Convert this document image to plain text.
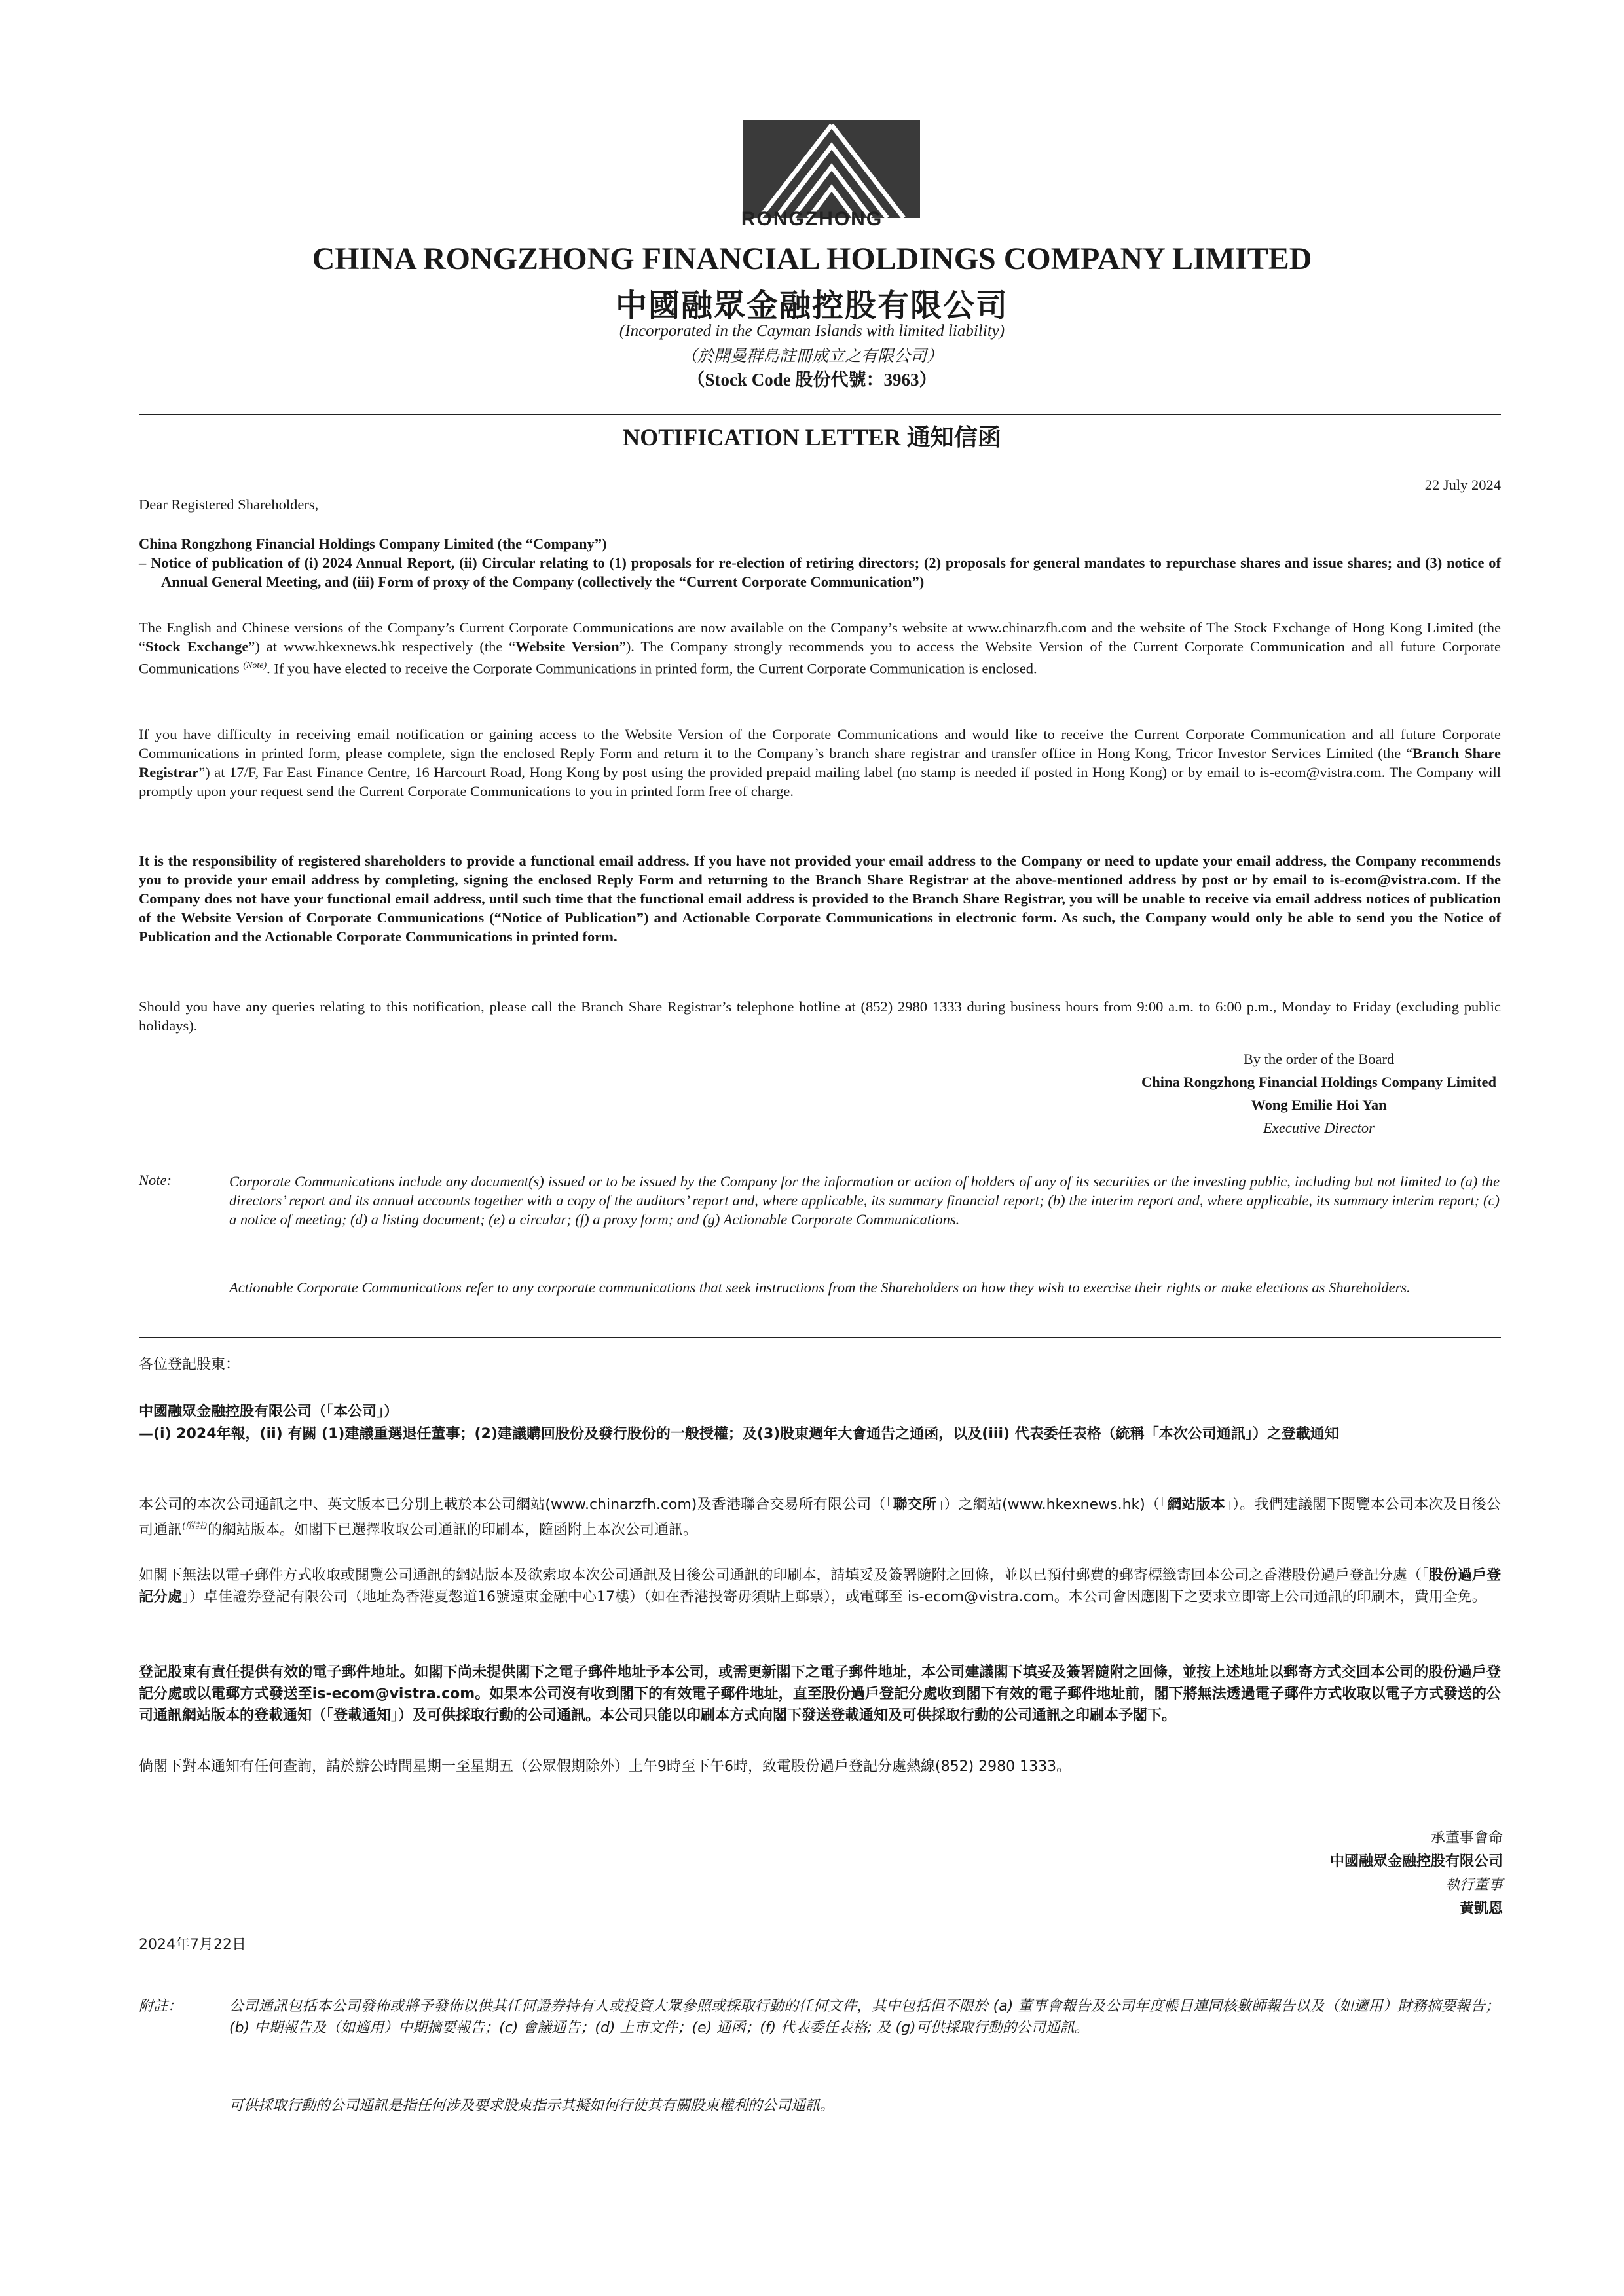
RONGZHONG
CHINA RONGZHONG FINANCIAL HOLDINGS COMPANY LIMITED
中國融眾金融控股有限公司
(Incorporated in the Cayman Islands with limited liability)
（於開曼群島註冊成立之有限公司）
（Stock Code 股份代號：3963）
NOTIFICATION LETTER 通知信函
22 July 2024
Dear Registered Shareholders,
China Rongzhong Financial Holdings Company Limited (the “Company”)
– Notice of publication of (i) 2024 Annual Report, (ii) Circular relating to (1) proposals for re-election of retiring directors; (2) proposals for general mandates to repurchase shares and issue shares; and (3) notice of Annual General Meeting, and (iii) Form of proxy of the Company (collectively the “Current Corporate Communication”)
The English and Chinese versions of the Company’s Current Corporate Communications are now available on the Company’s website at www.chinarzfh.com and the website of The Stock Exchange of Hong Kong Limited (the “Stock Exchange”) at www.hkexnews.hk respectively (the “Website Version”). The Company strongly recommends you to access the Website Version of the Current Corporate Communication and all future Corporate Communications $^{(Note)}$. If you have elected to receive the Corporate Communications in printed form, the Current Corporate Communication is enclosed.
If you have difficulty in receiving email notification or gaining access to the Website Version of the Corporate Communications and would like to receive the Current Corporate Communication and all future Corporate Communications in printed form, please complete, sign the enclosed Reply Form and return it to the Company’s branch share registrar and transfer office in Hong Kong, Tricor Investor Services Limited (the “Branch Share Registrar”) at 17/F, Far East Finance Centre, 16 Harcourt Road, Hong Kong by post using the provided prepaid mailing label (no stamp is needed if posted in Hong Kong) or by email to is-ecom@vistra.com. The Company will promptly upon your request send the Current Corporate Communications to you in printed form free of charge.
It is the responsibility of registered shareholders to provide a functional email address. If you have not provided your email address to the Company or need to update your email address, the Company recommends you to provide your email address by completing, signing the enclosed Reply Form and returning to the Branch Share Registrar at the above-mentioned address by post or by email to is-ecom@vistra.com. If the Company does not have your functional email address, until such time that the functional email address is provided to the Branch Share Registrar, you will be unable to receive via email address notices of publication of the Website Version of Corporate Communications (“Notice of Publication”) and Actionable Corporate Communications in electronic form. As such, the Company would only be able to send you the Notice of Publication and the Actionable Corporate Communications in printed form.
Should you have any queries relating to this notification, please call the Branch Share Registrar’s telephone hotline at (852) 2980 1333 during business hours from 9:00 a.m. to 6:00 p.m., Monday to Friday (excluding public holidays).
By the order of the Board
China Rongzhong Financial Holdings Company Limited
Wong Emilie Hoi Yan
Executive Director
Note:	Corporate Communications include any document(s) issued or to be issued by the Company for the information or action of holders of any of its securities or the investing public, including but not limited to (a) the directors’ report and its annual accounts together with a copy of the auditors’ report and, where applicable, its summary financial report; (b) the interim report and, where applicable, its summary interim report; (c) a notice of meeting; (d) a listing document; (e) a circular; (f) a proxy form; and (g) Actionable Corporate Communications.
Actionable Corporate Communications refer to any corporate communications that seek instructions from the Shareholders on how they wish to exercise their rights or make elections as Shareholders.
各位登記股東：
中國融眾金融控股有限公司（「本公司」）
—(i) 2024年報，(ii) 有關 (1)建議重選退任董事；(2)建議購回股份及發行股份的一般授權；及(3)股東週年大會通告之通函，以及(iii) 代表委任表格（統稱「本次公司通訊」）之登載通知
本公司的本次公司通訊之中、英文版本已分別上載於本公司網站(www.chinarzfh.com)及香港聯合交易所有限公司（「聯交所」）之網站(www.hkexnews.hk)（「網站版本」）。我們建議閣下閱覽本公司本次及日後公司通訊$^{(附註)}$的網站版本。如閣下已選擇收取公司通訊的印刷本，隨函附上本次公司通訊。
如閣下無法以電子郵件方式收取或閱覽公司通訊的網站版本及欲索取本次公司通訊及日後公司通訊的印刷本，請填妥及簽署隨附之回條，並以已預付郵費的郵寄標籤寄回本公司之香港股份過戶登記分處（「股份過戶登記分處」）卓佳證券登記有限公司（地址為香港夏愨道16號遠東金融中心17樓）（如在香港投寄毋須貼上郵票），或電郵至 is-ecom@vistra.com。本公司會因應閣下之要求立即寄上公司通訊的印刷本，費用全免。
登記股東有責任提供有效的電子郵件地址。如閣下尚未提供閣下之電子郵件地址予本公司，或需更新閣下之電子郵件地址，本公司建議閣下填妥及簽署隨附之回條，並按上述地址以郵寄方式交回本公司的股份過戶登記分處或以電郵方式發送至is-ecom@vistra.com。如果本公司沒有收到閣下的有效電子郵件地址，直至股份過戶登記分處收到閣下有效的電子郵件地址前，閣下將無法透過電子郵件方式收取以電子方式發送的公司通訊網站版本的登載通知（「登載通知」）及可供採取行動的公司通訊。本公司只能以印刷本方式向閣下發送登載通知及可供採取行動的公司通訊之印刷本予閣下。
倘閣下對本通知有任何查詢，請於辦公時間星期一至星期五（公眾假期除外）上午9時至下午6時，致電股份過戶登記分處熱線(852) 2980 1333。
承董事會命
中國融眾金融控股有限公司
執行董事
黃凱恩
2024年7月22日
附註：	公司通訊包括本公司發佈或將予發佈以供其任何證券持有人或投資大眾參照或採取行動的任何文件，其中包括但不限於 (a) 董事會報告及公司年度帳目連同核數師報告以及（如適用）財務摘要報告；(b) 中期報告及（如適用）中期摘要報告；(c) 會議通告；(d) 上市文件；(e) 通函；(f) 代表委任表格; 及 (g)可供採取行動的公司通訊。
可供採取行動的公司通訊是指任何涉及要求股東指示其擬如何行使其有關股東權利的公司通訊。
